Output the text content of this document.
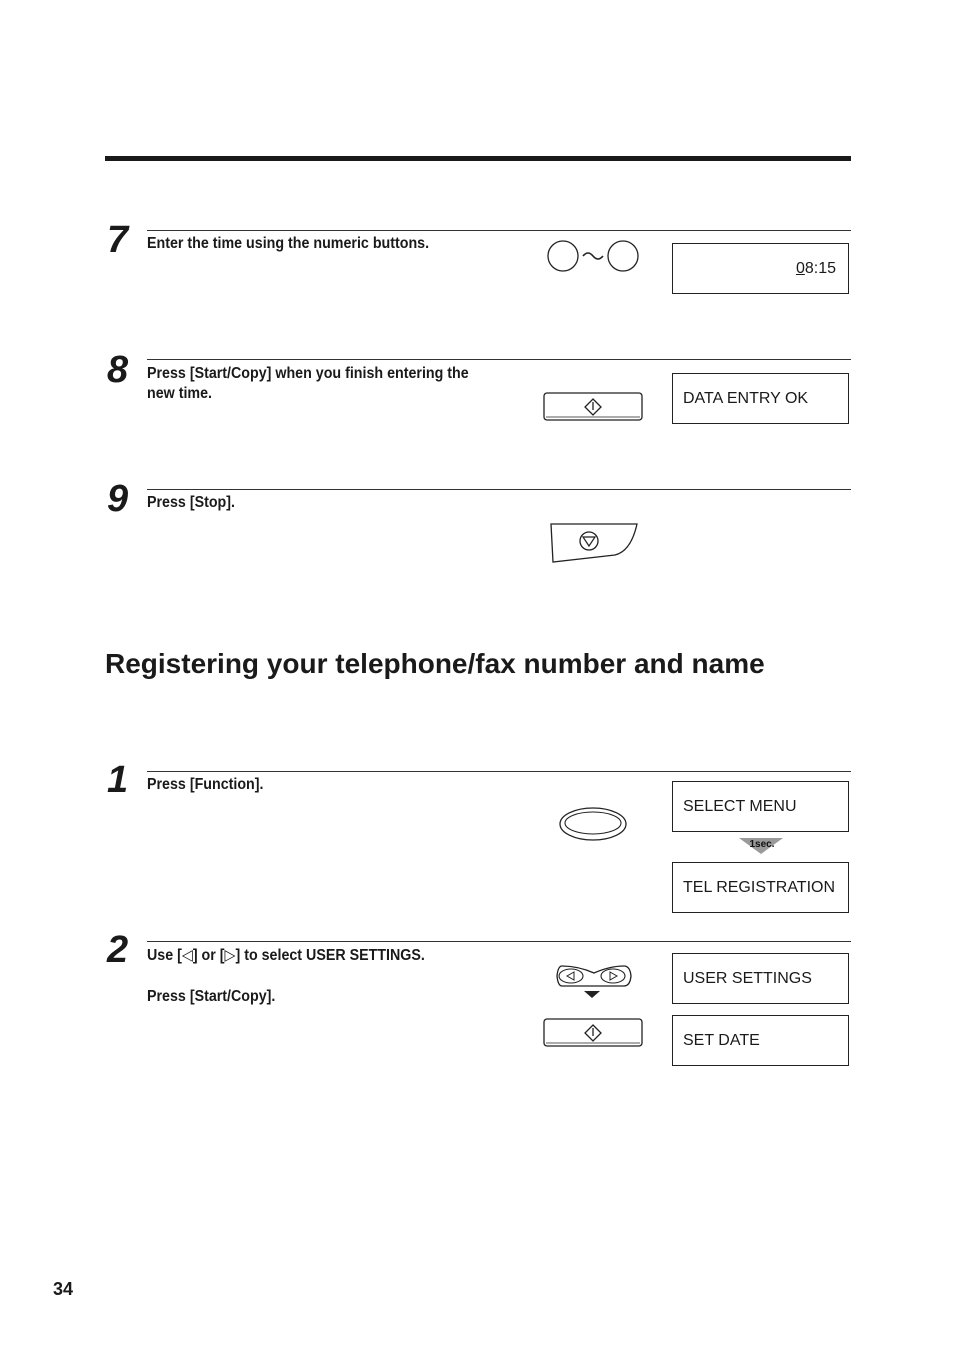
7 Enter the time using the numeric buttons.
0 8:15
8 Press [Start/Copy] when you finish entering the new time.	DATA ENTRY OK
9 Press [Stop].
Registering your telephone/fax number and name
1 Press [Function].
SELECT MENU
1sec.
TEL REGISTRATION
2 Use [◁] or [▷] to select USER SETTINGS.
Press [Start/Copy].
USER SETTINGS
SET DATE
34
